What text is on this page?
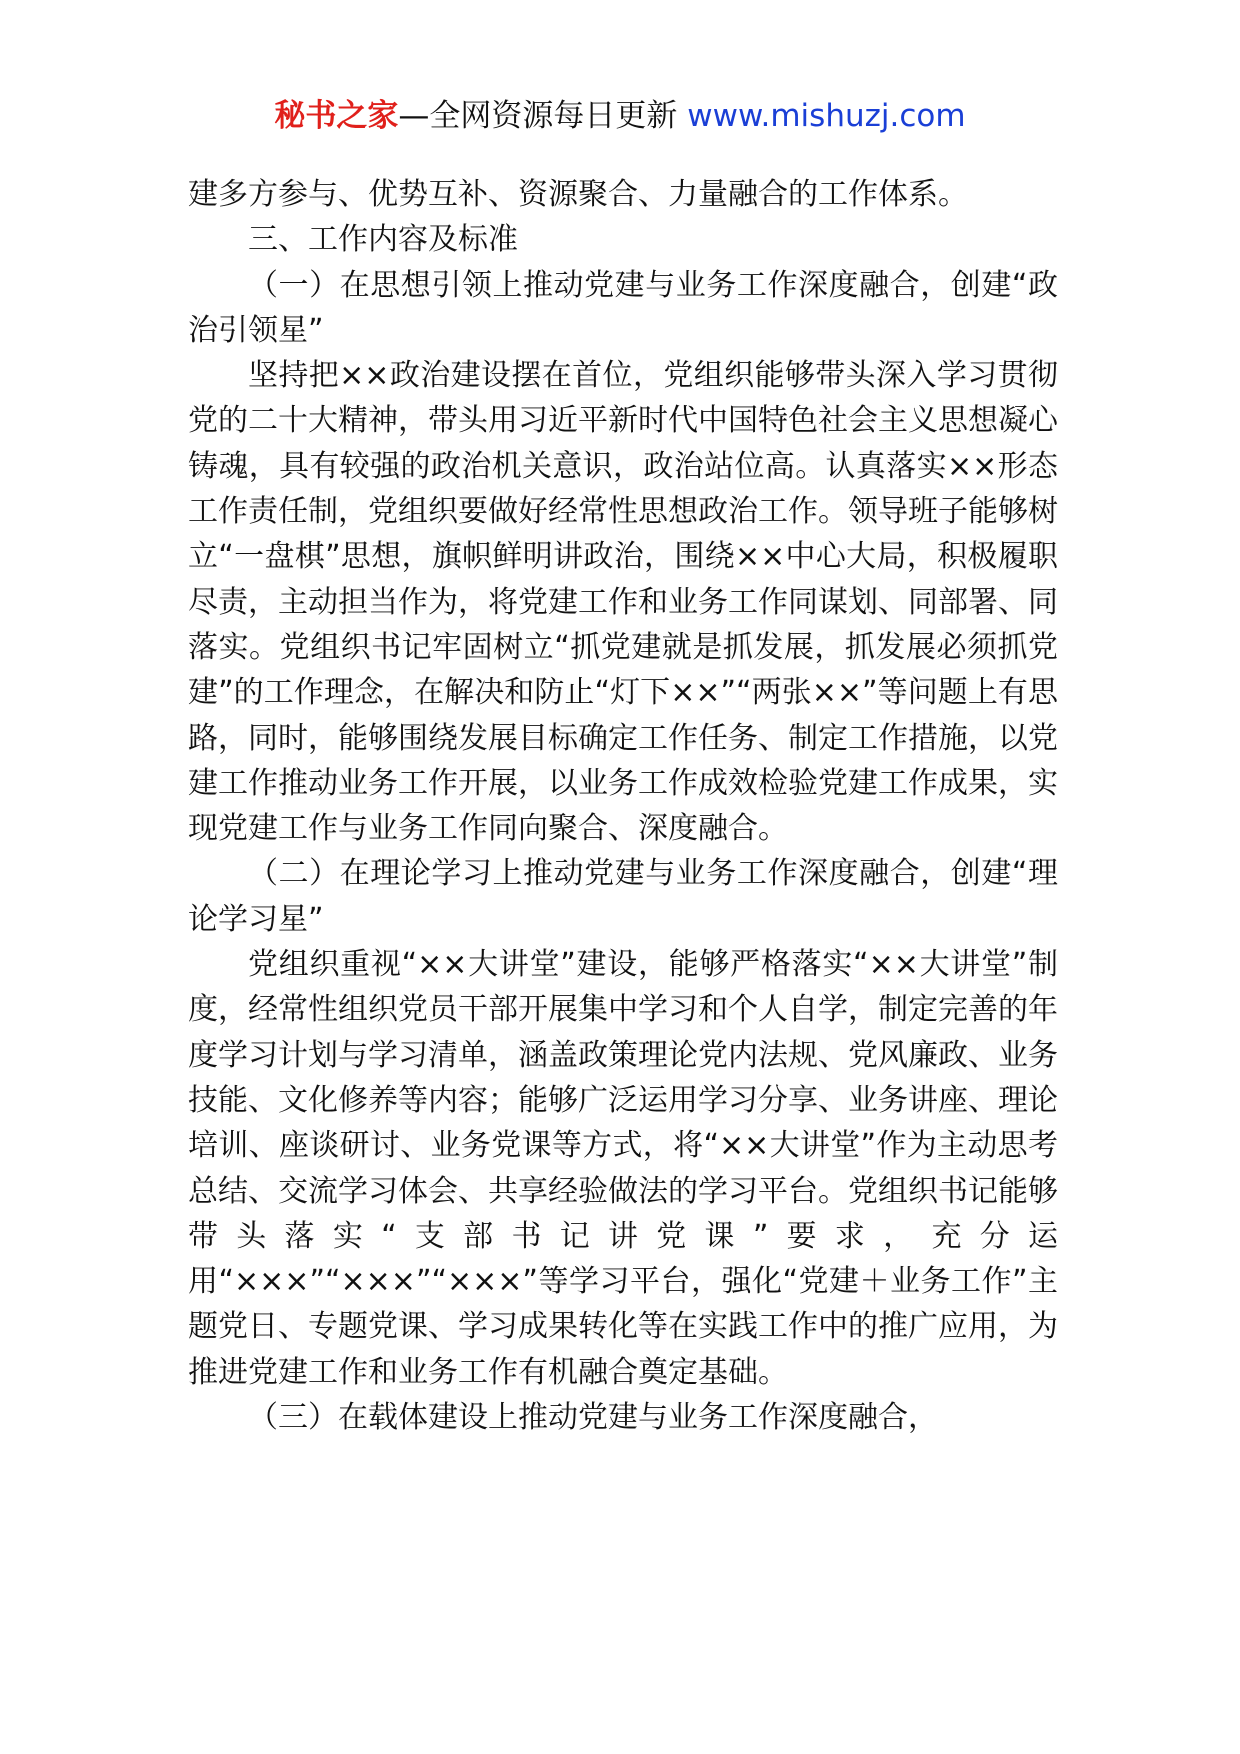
秘书之家—全网资源每日更新 www.mishuzj.com

建多方参与、优势互补、资源聚合、力量融合的工作体系。

三、工作内容及标准

（一）在思想引领上推动党建与业务工作深度融合，创建“政治引领星”

坚持把××政治建设摆在首位，党组织能够带头深入学习贯彻党的二十大精神，带头用习近平新时代中国特色社会主义思想凝心铸魂，具有较强的政治机关意识，政治站位高。认真落实××形态工作责任制，党组织要做好经常性思想政治工作。领导班子能够树立“一盘棋”思想，旗帜鲜明讲政治，围绕××中心大局，积极履职尽责，主动担当作为，将党建工作和业务工作同谋划、同部署、同落实。党组织书记牢固树立“抓党建就是抓发展，抓发展必须抓党建”的工作理念，在解决和防止“灯下××”“两张××”等问题上有思路，同时，能够围绕发展目标确定工作任务、制定工作措施，以党建工作推动业务工作开展，以业务工作成效检验党建工作成果，实现党建工作与业务工作同向聚合、深度融合。

（二）在理论学习上推动党建与业务工作深度融合，创建“理论学习星”

党组织重视“××大讲堂”建设，能够严格落实“××大讲堂”制度，经常性组织党员干部开展集中学习和个人自学，制定完善的年度学习计划与学习清单，涵盖政策理论党内法规、党风廉政、业务技能、文化修养等内容；能够广泛运用学习分享、业务讲座、理论培训、座谈研讨、业务党课等方式，将“××大讲堂”作为主动思考总结、交流学习体会、共享经验做法的学习平台。党组织书记能够带头落实“支部书记讲党课”要求，充分运用“×××”“×××”“×××”等学习平台，强化“党建＋业务工作”主题党日、专题党课、学习成果转化等在实践工作中的推广应用，为推进党建工作和业务工作有机融合奠定基础。

（三）在载体建设上推动党建与业务工作深度融合，
